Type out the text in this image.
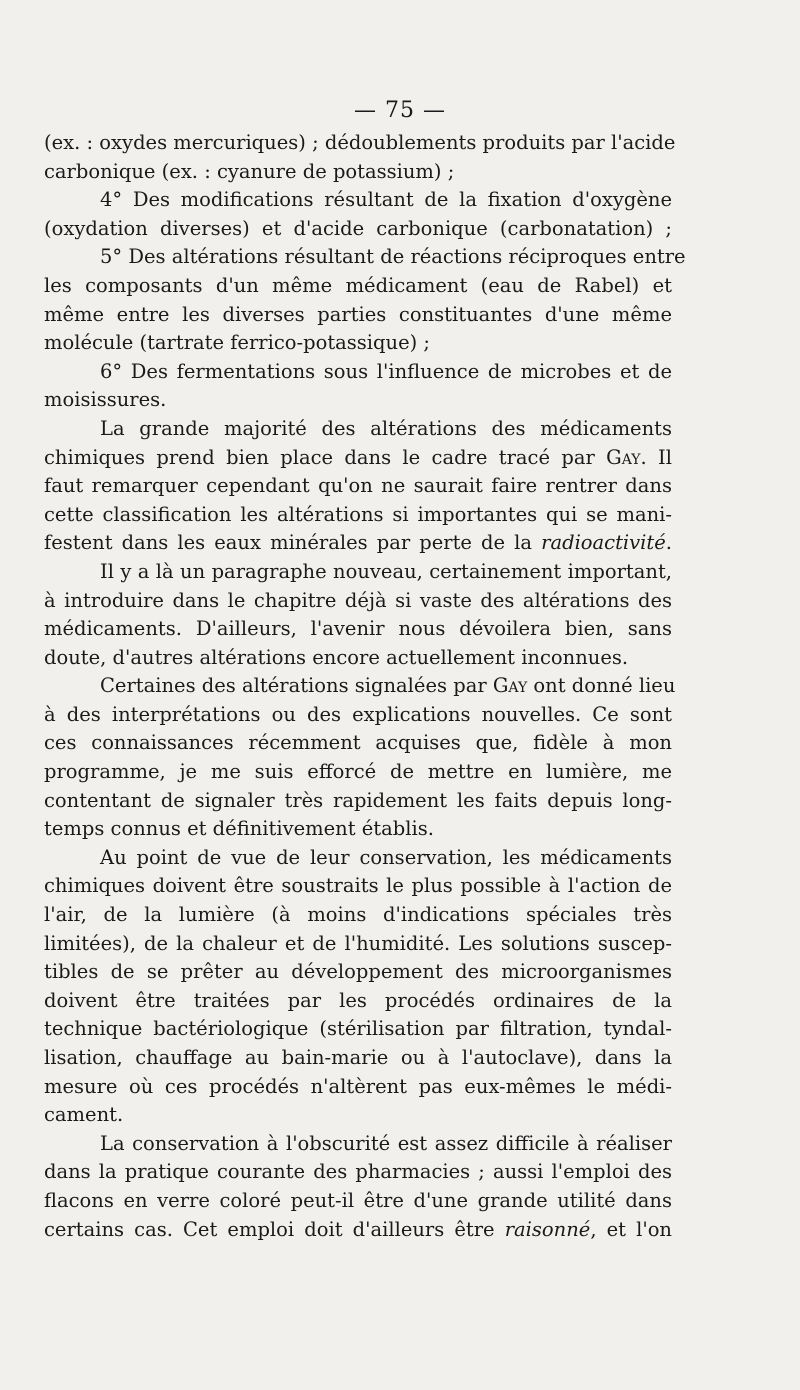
— 75 —
(ex. : oxydes mercuriques) ; dédoublements produits par l'acide
carbonique (ex. : cyanure de potassium) ;
4° Des modifications résultant de la fixation d'oxygène
(oxydation diverses) et d'acide carbonique (carbonatation) ;
5° Des altérations résultant de réactions réciproques entre
les composants d'un même médicament (eau de Rabel) et
même entre les diverses parties constituantes d'une même
molécule (tartrate ferrico-potassique) ;
6° Des fermentations sous l'influence de microbes et de
moisissures.
La grande majorité des altérations des médicaments
chimiques prend bien place dans le cadre tracé par Gay. Il
faut remarquer cependant qu'on ne saurait faire rentrer dans
cette classification les altérations si importantes qui se mani-
festent dans les eaux minérales par perte de la radioactivité.
Il y a là un paragraphe nouveau, certainement important,
à introduire dans le chapitre déjà si vaste des altérations des
médicaments. D'ailleurs, l'avenir nous dévoilera bien, sans
doute, d'autres altérations encore actuellement inconnues.
Certaines des altérations signalées par Gay ont donné lieu
à des interprétations ou des explications nouvelles. Ce sont
ces connaissances récemment acquises que, fidèle à mon
programme, je me suis efforcé de mettre en lumière, me
contentant de signaler très rapidement les faits depuis long-
temps connus et définitivement établis.
Au point de vue de leur conservation, les médicaments
chimiques doivent être soustraits le plus possible à l'action de
l'air, de la lumière (à moins d'indications spéciales très
limitées), de la chaleur et de l'humidité. Les solutions suscep-
tibles de se prêter au développement des microorganismes
doivent être traitées par les procédés ordinaires de la
technique bactériologique (stérilisation par filtration, tyndal-
lisation, chauffage au bain-marie ou à l'autoclave), dans la
mesure où ces procédés n'altèrent pas eux-mêmes le médi-
cament.
La conservation à l'obscurité est assez difficile à réaliser
dans la pratique courante des pharmacies ; aussi l'emploi des
flacons en verre coloré peut-il être d'une grande utilité dans
certains cas. Cet emploi doit d'ailleurs être raisonné, et l'on
